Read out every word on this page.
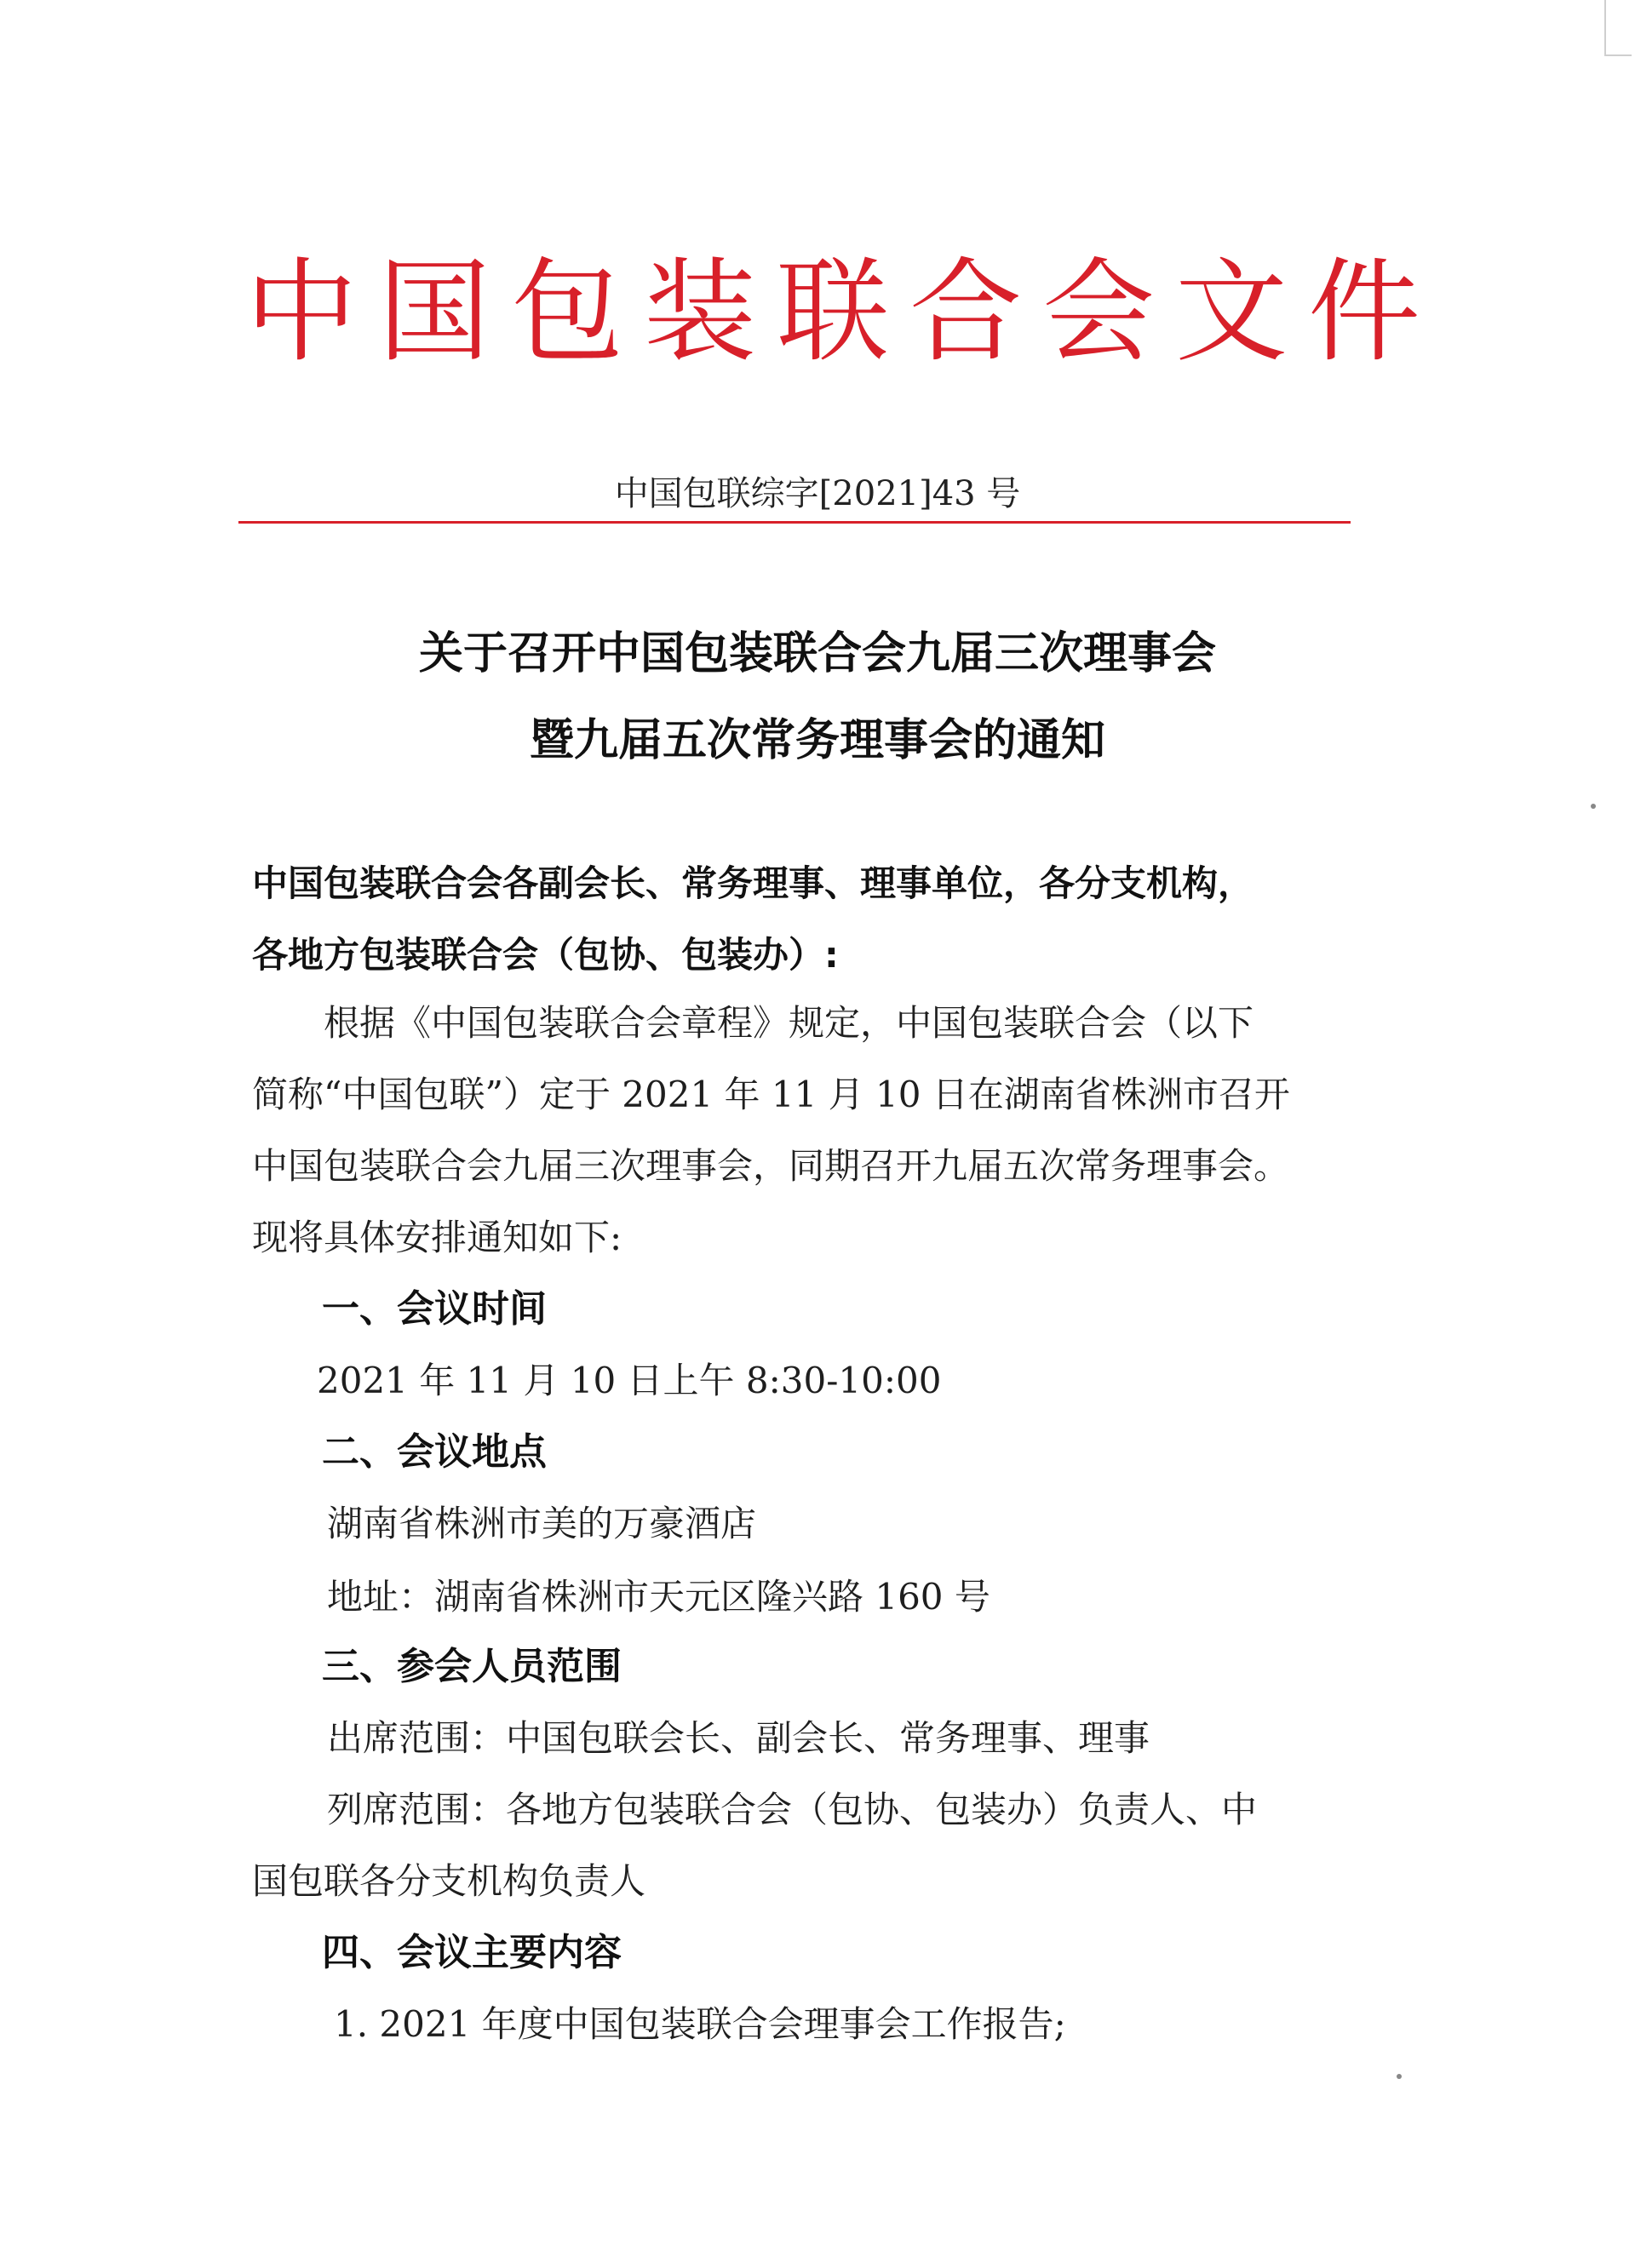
中国包装联合会文件
中国包联综字[2021]43 号
关于召开中国包装联合会九届三次理事会
暨九届五次常务理事会的通知
中国包装联合会各副会长、常务理事、理事单位，各分支机构，
各地方包装联合会（包协、包装办）:
根据《中国包装联合会章程》规定，中国包装联合会（以下
简称“中国包联”）定于 2021 年 11 月 10 日在湖南省株洲市召开
中国包装联合会九届三次理事会，同期召开九届五次常务理事会。
现将具体安排通知如下:
一、会议时间
2021 年 11 月 10 日上午 8:30-10:00
二、会议地点
湖南省株洲市美的万豪酒店
地址：湖南省株洲市天元区隆兴路 160 号
三、参会人员范围
出席范围：中国包联会长、副会长、常务理事、理事
列席范围：各地方包装联合会（包协、包装办）负责人、中
国包联各分支机构负责人
四、会议主要内容
1. 2021 年度中国包装联合会理事会工作报告;
